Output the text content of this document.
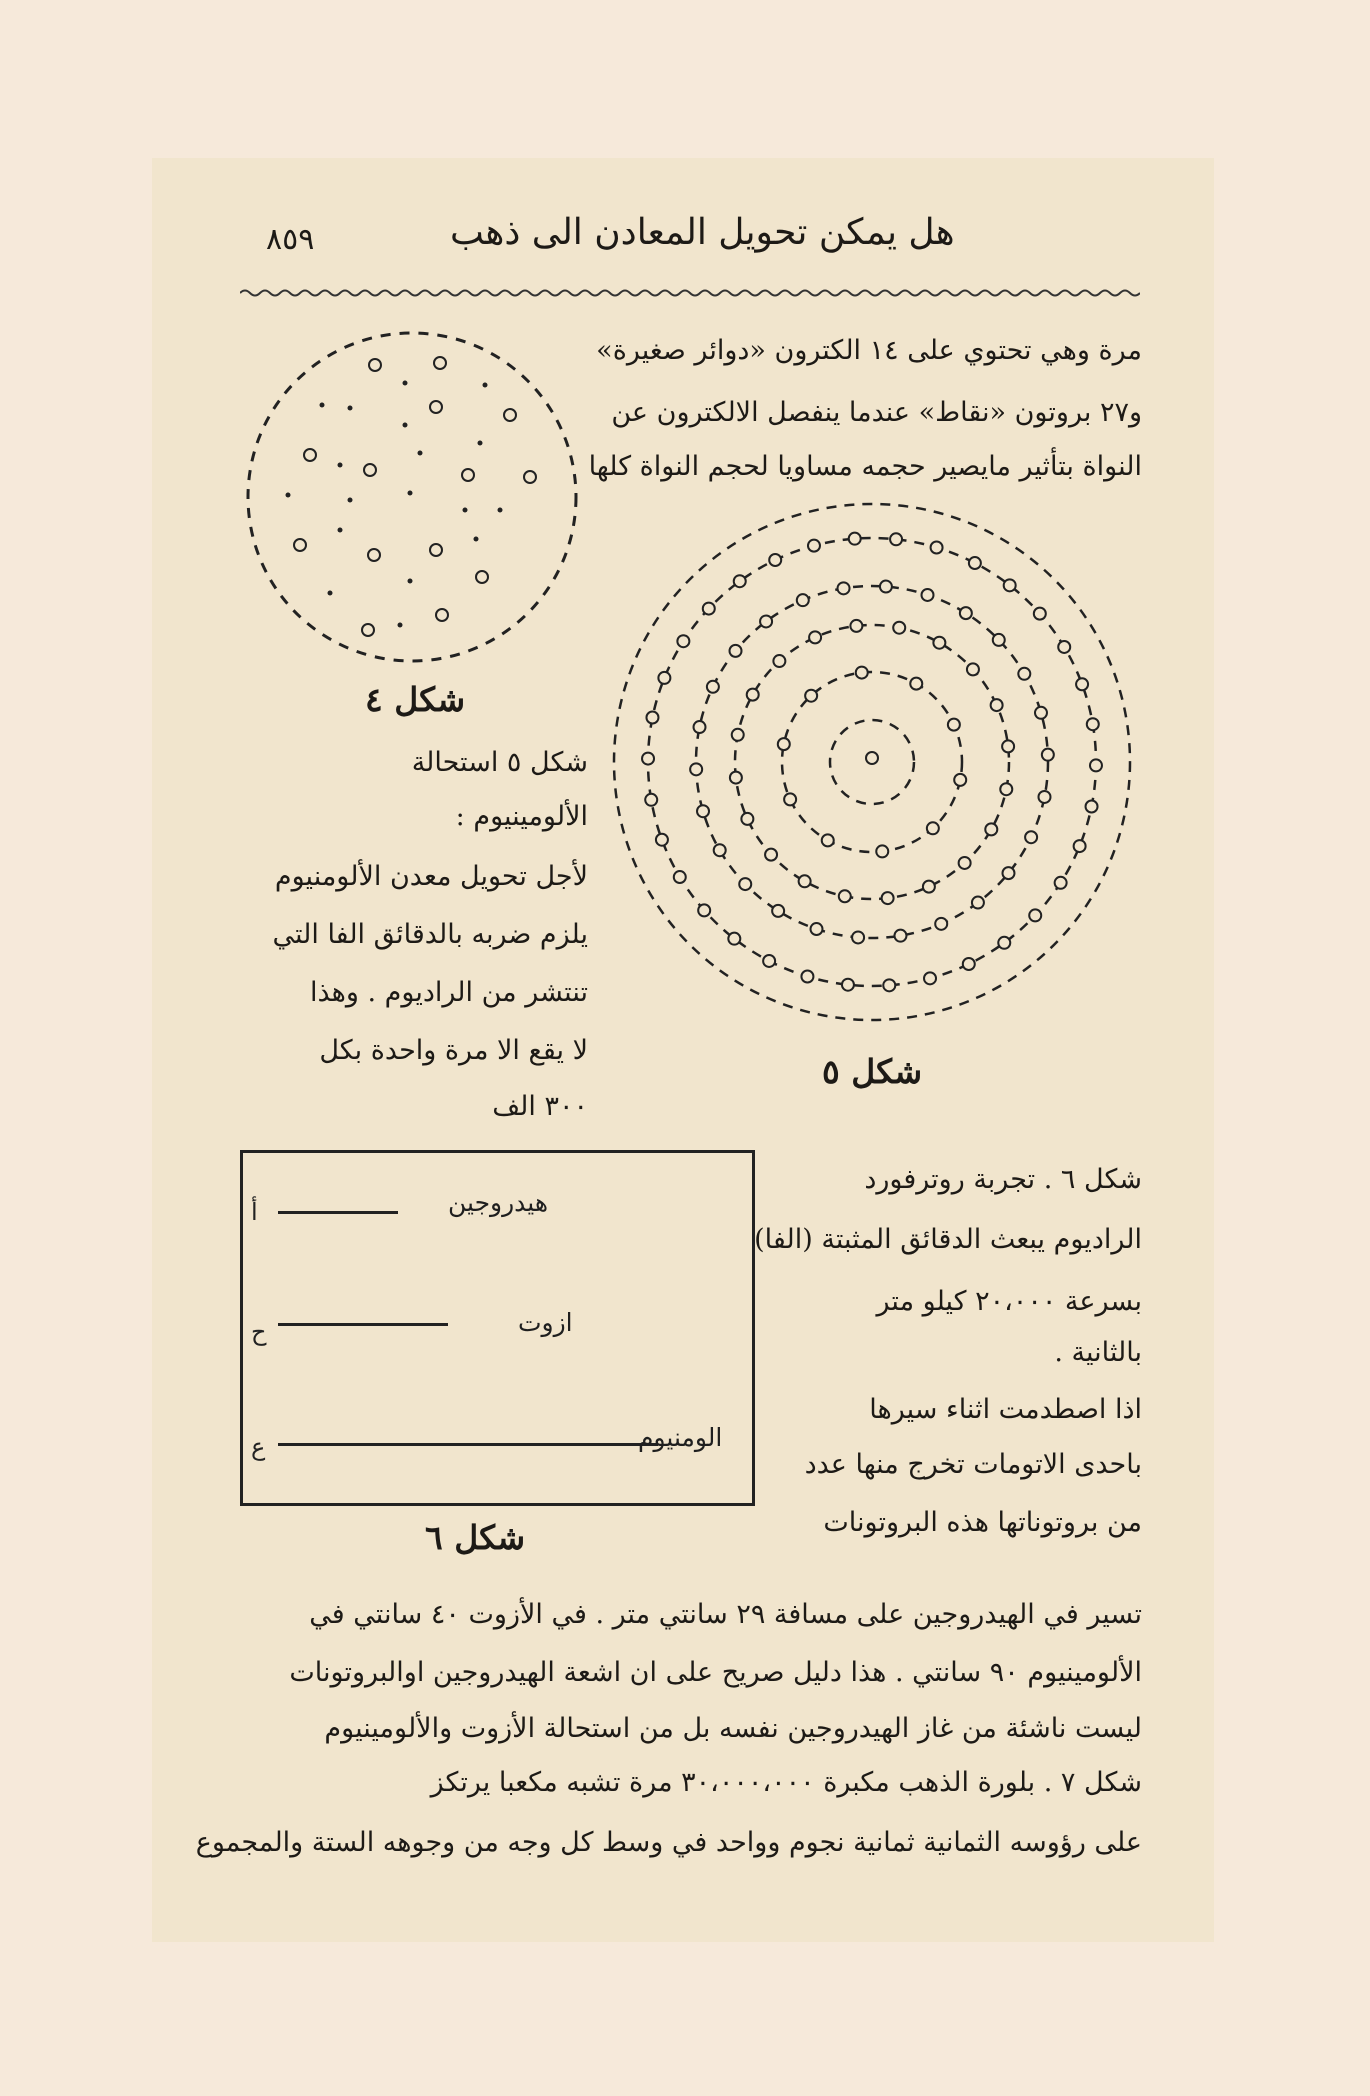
هل يمكن تحويل المعادن الى ذهب
٨٥٩
مرة وهي تحتوي على ١٤ الكترون «دوائر صغيرة»
و٢٧ بروتون «نقاط» عندما ينفصل الالكترون عن
النواة بتأثير مايصير حجمه مساويا لحجم النواة كلها
شكل ٤
شكل ٥ استحالة
الألومينيوم :
لأجل تحويل معدن الألومنيوم
يلزم ضربه بالدقائق الفا التي
تنتشر من الراديوم . وهذا
لا يقع الا مرة واحدة بكل
٣٠٠ الف
شكل ٥
أ
ح
ع
هيدروجين
ازوت
الومنيوم
شكل ٦
شكل ٦ . تجربة روترفورد
الراديوم يبعث الدقائق المثبتة (الفا)
بسرعة ٢٠،٠٠٠ كيلو متر
بالثانية .
اذا اصطدمت اثناء سيرها
باحدى الاتومات تخرج منها عدد
من بروتوناتها هذه البروتونات
تسير في الهيدروجين على مسافة ٢٩ سانتي متر . في الأزوت ٤٠ سانتي في
الألومينيوم ٩٠ سانتي . هذا دليل صريح على ان اشعة الهيدروجين اوالبروتونات
ليست ناشئة من غاز الهيدروجين نفسه بل من استحالة الأزوت والألومينيوم
شكل ٧ . بلورة الذهب مكبرة ٣٠،٠٠٠،٠٠٠ مرة تشبه مكعبا يرتكز
على رؤوسه الثمانية ثمانية نجوم وواحد في وسط كل وجه من وجوهه الستة والمجموع
